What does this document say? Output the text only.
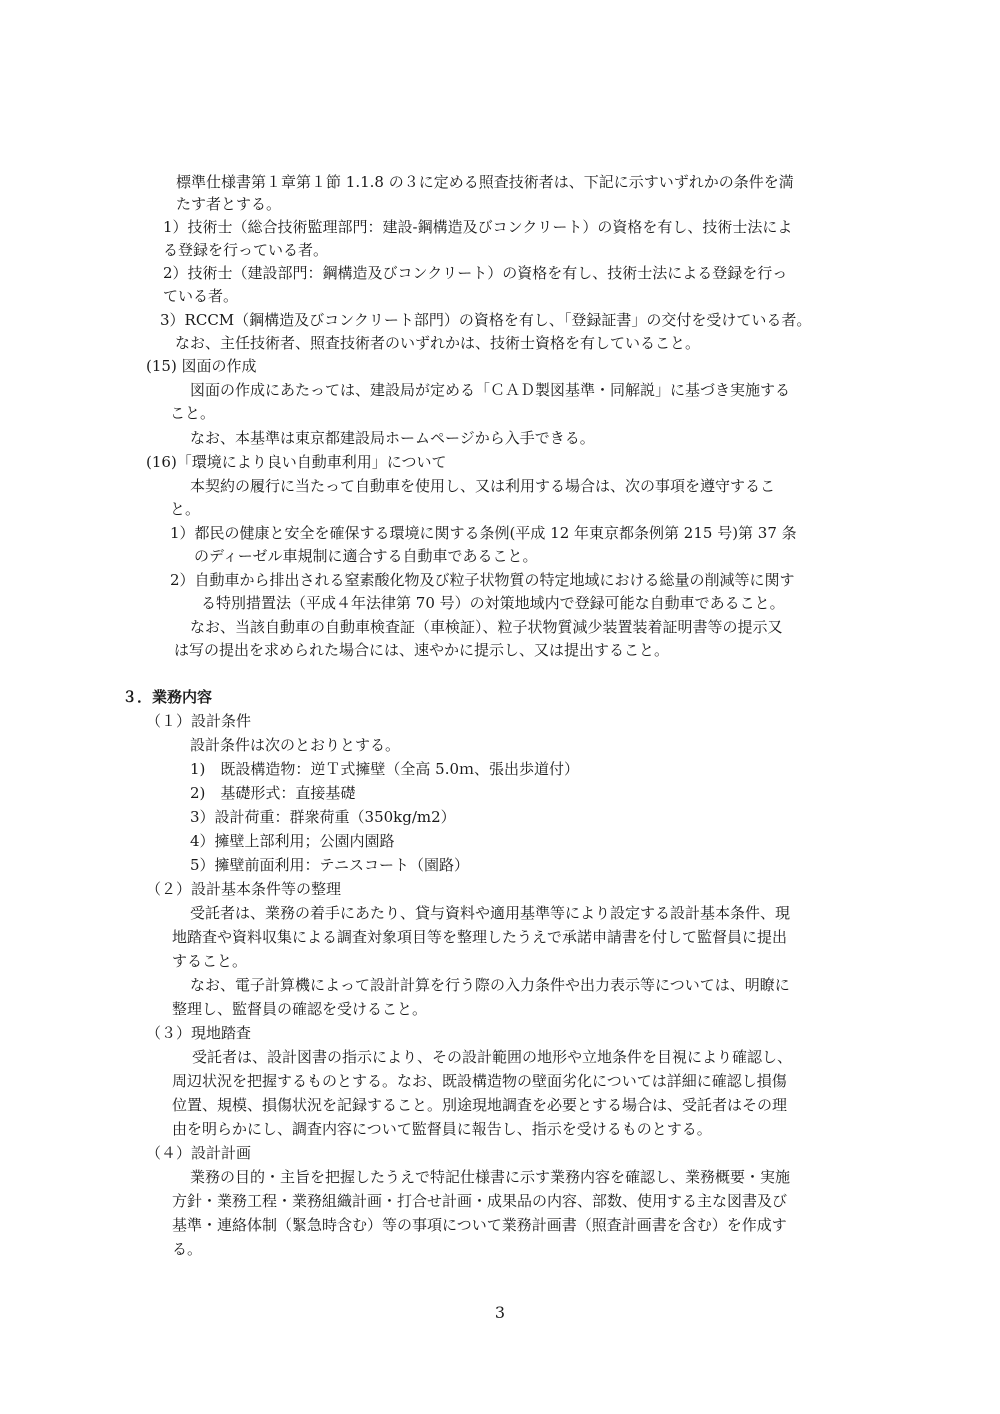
標準仕様書第１章第１節 1.1.8 の３に定める照査技術者は、下記に示すいずれかの条件を満
たす者とする。
1）技術士（総合技術監理部門：建設-鋼構造及びコンクリート）の資格を有し、技術士法によ
る登録を行っている者。
2）技術士（建設部門：鋼構造及びコンクリート）の資格を有し、技術士法による登録を行っ
ている者。
3）RCCM（鋼構造及びコンクリート部門）の資格を有し、「登録証書」の交付を受けている者。
なお、主任技術者、照査技術者のいずれかは、技術士資格を有していること。
(15) 図面の作成
図面の作成にあたっては、建設局が定める「ＣＡＤ製図基準・同解説」に基づき実施する
こと。
なお、本基準は東京都建設局ホームページから入手できる。
(16)「環境により良い自動車利用」について
本契約の履行に当たって自動車を使用し、又は利用する場合は、次の事項を遵守するこ
と。
1）都民の健康と安全を確保する環境に関する条例(平成 12 年東京都条例第 215 号)第 37 条
のディーゼル車規制に適合する自動車であること。
2）自動車から排出される窒素酸化物及び粒子状物質の特定地域における総量の削減等に関す
る特別措置法（平成４年法律第 70 号）の対策地域内で登録可能な自動車であること。
なお、当該自動車の自動車検査証（車検証）、粒子状物質減少装置装着証明書等の提示又
は写の提出を求められた場合には、速やかに提示し、又は提出すること。
３．業務内容
（１）設計条件
設計条件は次のとおりとする。
1)　既設構造物：逆Ｔ式擁壁（全高 5.0ｍ、張出歩道付）
2)　基礎形式：直接基礎
3）設計荷重：群衆荷重（350kg/m2）
4）擁壁上部利用；公園内園路
5）擁壁前面利用：テニスコート（園路）
（２）設計基本条件等の整理
受託者は、業務の着手にあたり、貸与資料や適用基準等により設定する設計基本条件、現
地踏査や資料収集による調査対象項目等を整理したうえで承諾申請書を付して監督員に提出
すること。
なお、電子計算機によって設計計算を行う際の入力条件や出力表示等については、明瞭に
整理し、監督員の確認を受けること。
（３）現地踏査
受託者は、設計図書の指示により、その設計範囲の地形や立地条件を目視により確認し、
周辺状況を把握するものとする。なお、既設構造物の壁面劣化については詳細に確認し損傷
位置、規模、損傷状況を記録すること。別途現地調査を必要とする場合は、受託者はその理
由を明らかにし、調査内容について監督員に報告し、指示を受けるものとする。
（４）設計計画
業務の目的・主旨を把握したうえで特記仕様書に示す業務内容を確認し、業務概要・実施
方針・業務工程・業務組織計画・打合せ計画・成果品の内容、部数、使用する主な図書及び
基準・連絡体制（緊急時含む）等の事項について業務計画書（照査計画書を含む）を作成す
る。
3
